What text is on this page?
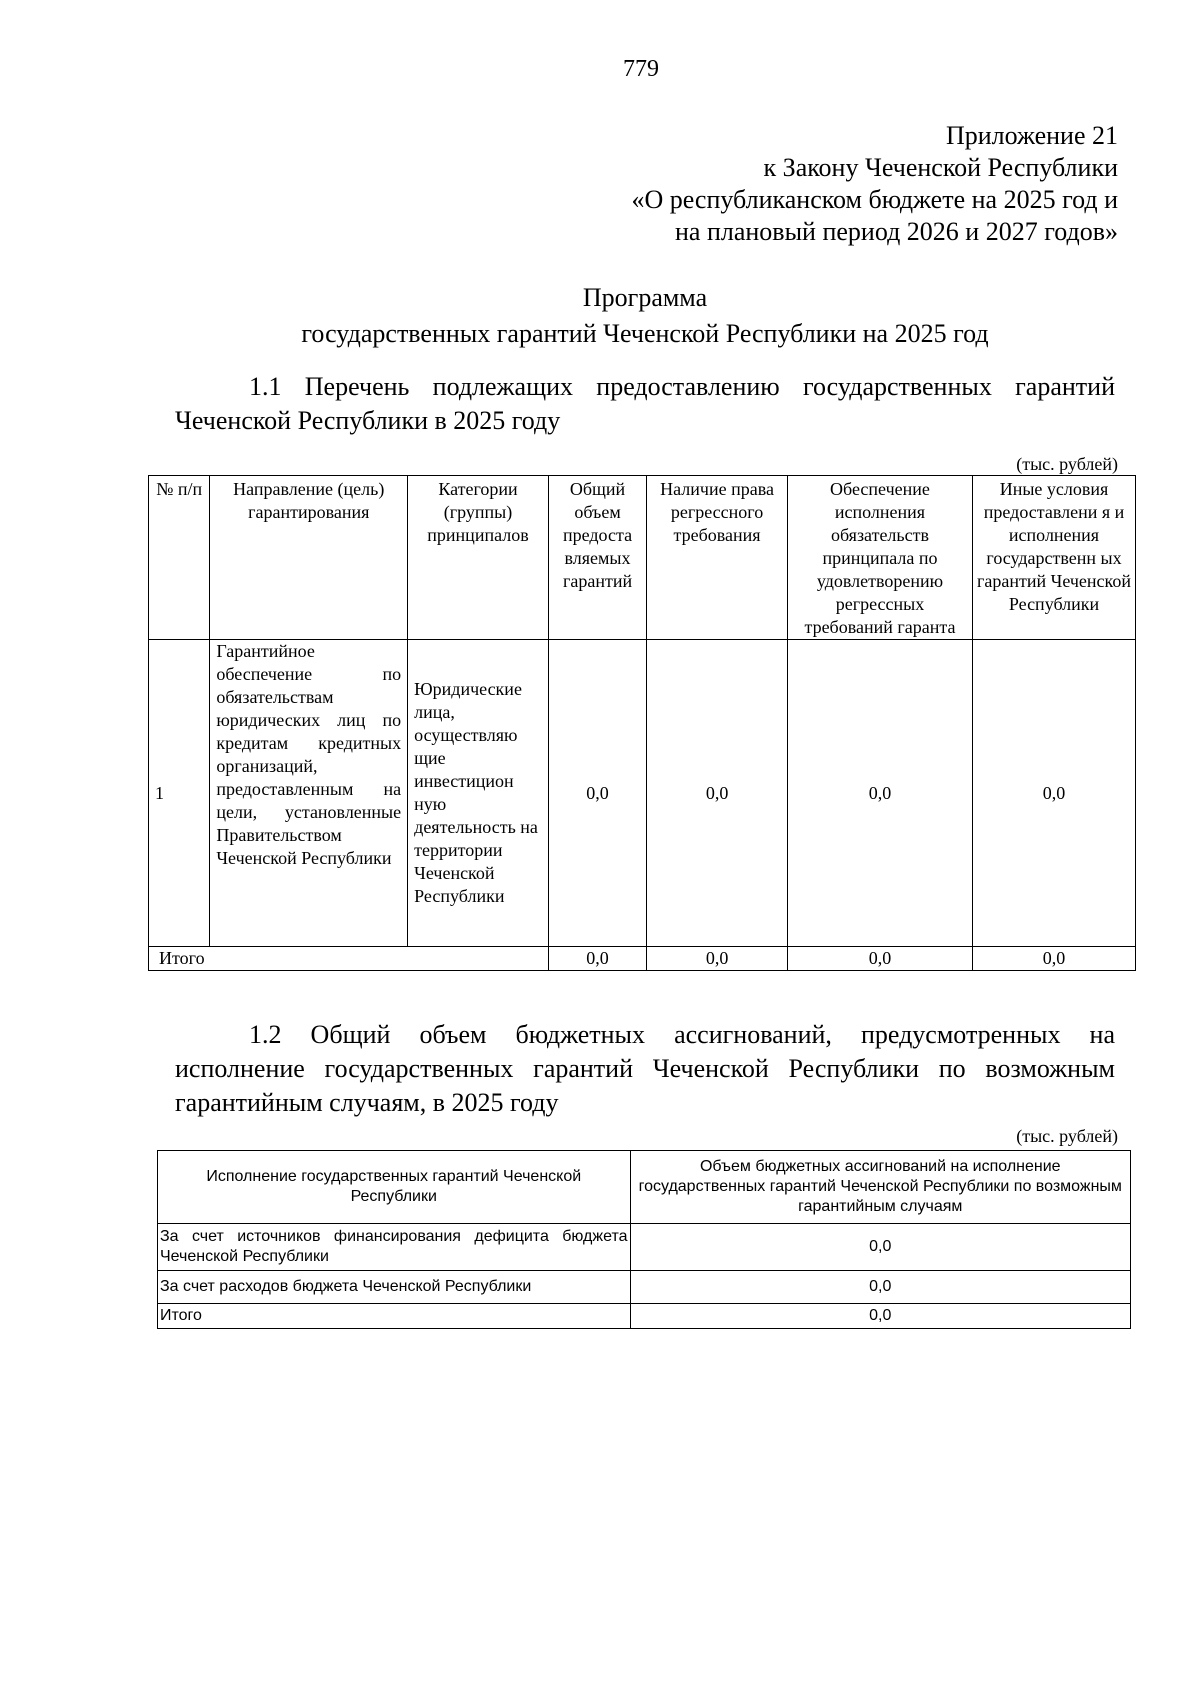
779
Приложение 21
к Закону Чеченской Республики
«О республиканском бюджете на 2025 год и
на плановый период 2026 и 2027 годов»
Программа
государственных гарантий Чеченской Республики на 2025 год
1.1 Перечень подлежащих предоставлению государственных гарантий Чеченской Республики в 2025 году
(тыс. рублей)
№ п/п	Направление (цель) гарантирования	Категории (группы) принципалов	Общий объем предоста вляемых гарантий	Наличие права регрессного требования	Обеспечение исполнения обязательств принципала по удовлетворению регрессных требований гаранта	Иные условия предоставлени я и исполнения государственн ых гарантий Чеченской Республики
1	Гарантийное обеспечение по обязательствам юридических лиц по кредитам кредитных организаций, предоставленным на цели, установленные Правительством Чеченской Республики	Юридические лица, осуществляю щие инвестицион ную деятельность на территории Чеченской Республики	0,0	0,0	0,0	0,0
Итого			0,0	0,0	0,0	0,0
1.2 Общий объем бюджетных ассигнований, предусмотренных на исполнение государственных гарантий Чеченской Республики по возможным гарантийным случаям, в 2025 году
(тыс. рублей)
Исполнение государственных гарантий Чеченской Республики	Объем бюджетных ассигнований на исполнение государственных гарантий Чеченской Республики по возможным гарантийным случаям
За счет источников финансирования дефицита бюджета Чеченской Республики	0,0
За счет расходов бюджета Чеченской Республики	0,0
Итого	0,0
